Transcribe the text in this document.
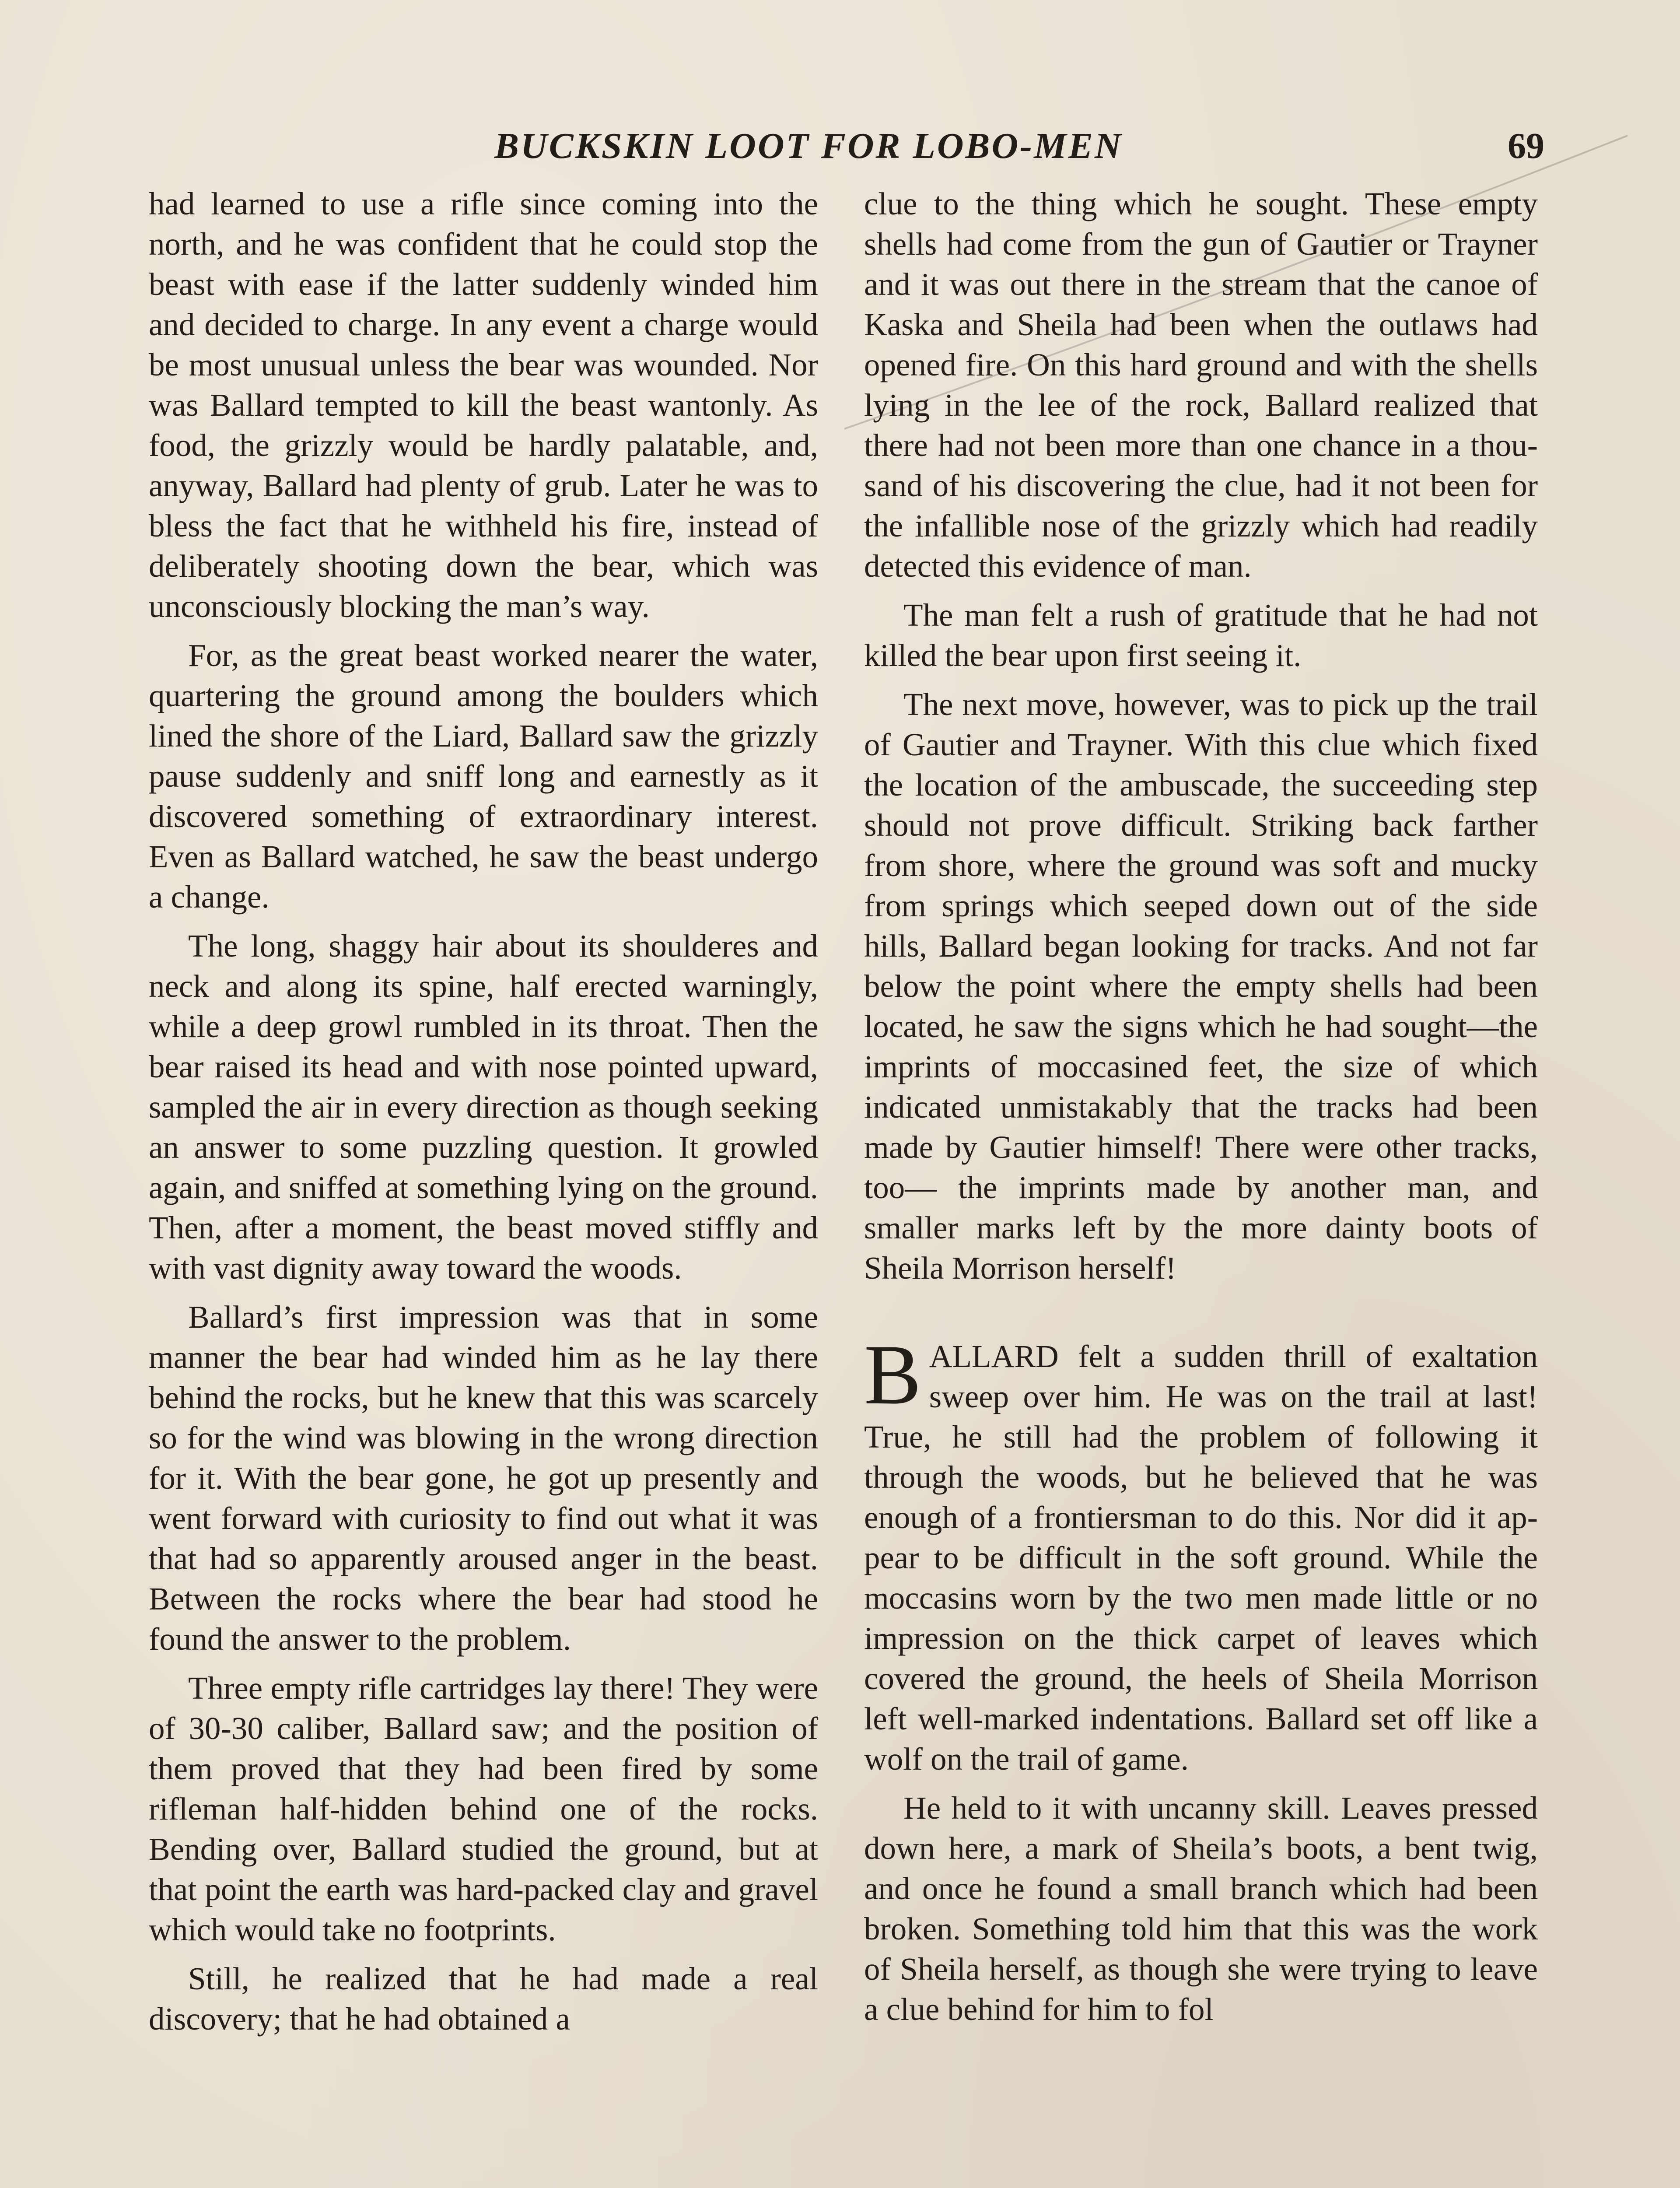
BUCKSKIN LOOT FOR LOBO-MEN	69

had learned to use a rifle since coming into the north, and he was confident that he could stop the beast with ease if the latter suddenly winded him and decided to charge. In any event a charge would be most unusual unless the bear was wounded. Nor was Ballard tempted to kill the beast wantonly. As food, the grizzly would be hardly palatable, and, anyway, Ballard had plenty of grub. Later he was to bless the fact that he withheld his fire, instead of deliberately shooting down the bear, which was unconsciously blocking the man’s way.

For, as the great beast worked nearer the water, quartering the ground among the boulders which lined the shore of the Liard, Ballard saw the grizzly pause suddenly and sniff long and earnestly as it discovered something of extraordinary interest. Even as Ballard watched, he saw the beast undergo a change.

The long, shaggy hair about its shoulderes and neck and along its spine, half erected warningly, while a deep growl rumbled in its throat. Then the bear raised its head and with nose pointed upward, sampled the air in every direction as though seeking an answer to some puzzling question. It growled again, and sniffed at something lying on the ground. Then, after a moment, the beast moved stiffly and with vast dignity away toward the woods.

Ballard’s first impression was that in some manner the bear had winded him as he lay there behind the rocks, but he knew that this was scarcely so for the wind was blowing in the wrong direction for it. With the bear gone, he got up presently and went forward with curiosity to find out what it was that had so apparently aroused anger in the beast. Between the rocks where the bear had stood he found the answer to the problem.

Three empty rifle cartridges lay there! They were of 30-30 caliber, Ballard saw; and the position of them proved that they had been fired by some rifleman half-hidden behind one of the rocks. Bending over, Ballard studied the ground, but at that point the earth was hard-packed clay and gravel which would take no footprints.

Still, he realized that he had made a real discovery; that he had obtained a

clue to the thing which he sought. These empty shells had come from the gun of Gautier or Trayner and it was out there in the stream that the canoe of Kaska and Sheila had been when the outlaws had opened fire. On this hard ground and with the shells lying in the lee of the rock, Ballard realized that there had not been more than one chance in a thousand of his discovering the clue, had it not been for the infallible nose of the grizzly which had readily detected this evidence of man.

The man felt a rush of gratitude that he had not killed the bear upon first seeing it.

The next move, however, was to pick up the trail of Gautier and Trayner. With this clue which fixed the location of the ambuscade, the succeeding step should not prove difficult. Striking back farther from shore, where the ground was soft and mucky from springs which seeped down out of the side hills, Ballard began looking for tracks. And not far below the point where the empty shells had been located, he saw the signs which he had sought—the imprints of moccasined feet, the size of which indicated unmistakably that the tracks had been made by Gautier himself! There were other tracks, too— the imprints made by another man, and smaller marks left by the more dainty boots of Sheila Morrison herself!

BALLARD felt a sudden thrill of exaltation sweep over him. He was on the trail at last! True, he still had the problem of following it through the woods, but he believed that he was enough of a frontiersman to do this. Nor did it appear to be difficult in the soft ground. While the moccasins worn by the two men made little or no impression on the thick carpet of leaves which covered the ground, the heels of Sheila Morrison left well-marked indentations. Ballard set off like a wolf on the trail of game.

He held to it with uncanny skill. Leaves pressed down here, a mark of Sheila’s boots, a bent twig, and once he found a small branch which had been broken. Something told him that this was the work of Sheila herself, as though she were trying to leave a clue behind for him to fol
